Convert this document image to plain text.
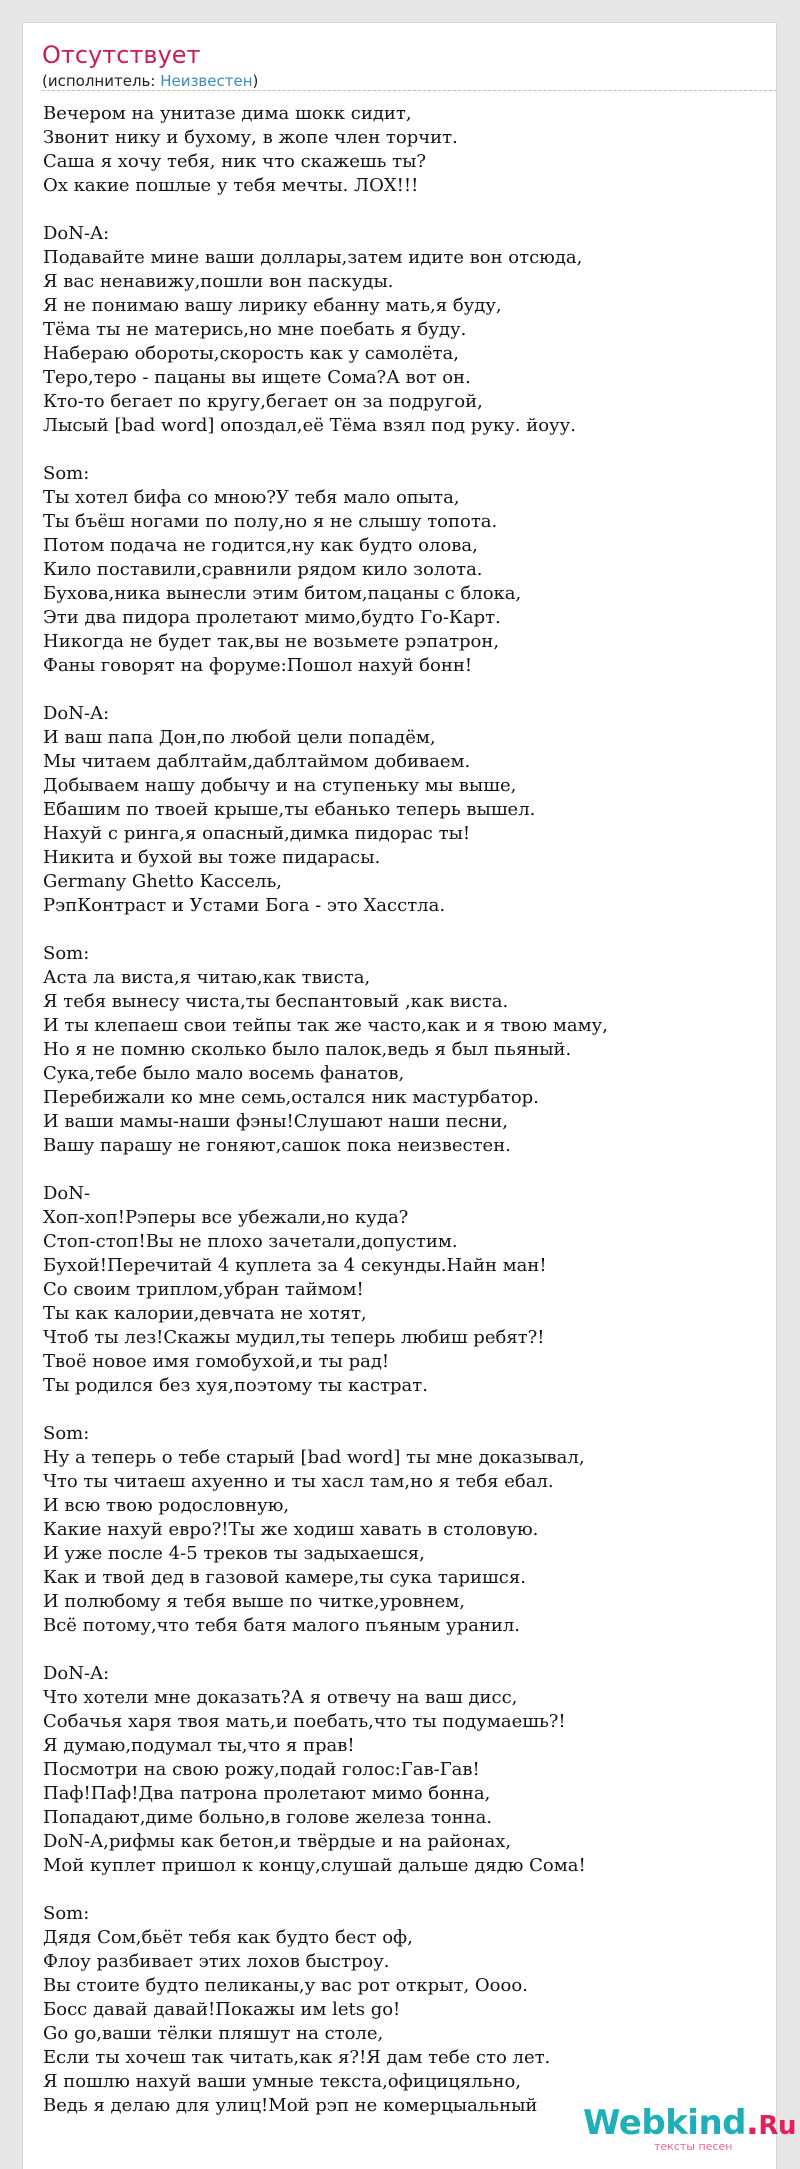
Отсутствует
(исполнитель: Неизвестен)
Вечером на унитазе дима шокк сидит,
Звонит нику и бухому, в жопе член торчит.
Саша я хочу тебя, ник что скажешь ты?
Ох какие пошлые у тебя мечты. ЛОХ!!!
DoN-A:
Подавайте мине ваши доллары,затем идите вон отсюда,
Я вас ненавижу,пошли вон паскуды.
Я не понимаю вашу лирику ебанну мать,я буду,
Тёма ты не матерись,но мне поебать я буду.
Набераю обороты,скорость как у самолёта,
Теро,теро - пацаны вы ищете Сома?А вот он.
Кто-то бегает по кругу,бегает он за подругой,
Лысый [bad word] опоздал,её Тёма взял под руку. йоуу.
Som:
Ты хотел бифа со мною?У тебя мало опыта,
Ты бъёш ногами по полу,но я не слышу топота.
Потом подача не годится,ну как будто олова,
Кило поставили,сравнили рядом кило золота.
Бухова,ника вынесли этим битом,пацаны с блока,
Эти два пидора пролетают мимо,будто Го-Карт.
Никогда не будет так,вы не возьмете рэпатрон,
Фаны говорят на форуме:Пошол нахуй бонн!
DoN-A:
И ваш папа Дон,по любой цели попадём,
Мы читаем даблтайм,даблтаймом добиваем.
Добываем нашу добычу и на ступеньку мы выше,
Ебашим по твоей крыше,ты ебанько теперь вышел.
Нахуй с ринга,я опасный,димка пидорас ты!
Никита и бухой вы тоже пидарасы.
Germany Ghetto Кассель,
РэпКонтраст и Устами Бога - это Хасстла.
Som:
Аста ла виста,я читаю,как твиста,
Я тебя вынесу чиста,ты беспантовый ,как виста.
И ты клепаеш свои тейпы так же часто,как и я твою маму,
Но я не помню сколько было палок,ведь я был пьяный.
Сука,тебе было мало восемь фанатов,
Перебижали ко мне семь,остался ник мастурбатор.
И ваши мамы-наши фэны!Слушают наши песни,
Вашу парашу не гоняют,сашок пока неизвестен.
DoN-
Хоп-хоп!Рэперы все убежали,но куда?
Стоп-стоп!Вы не плохо зачетали,допустим.
Бухой!Перечитай 4 куплета за 4 секунды.Найн ман!
Со своим триплом,убран таймом!
Ты как калории,девчата не хотят,
Чтоб ты лез!Скажы мудил,ты теперь любиш ребят?!
Твоё новое имя гомобухой,и ты рад!
Ты родился без хуя,поэтому ты кастрат.
Som:
Ну а теперь о тебе старый [bad word] ты мне доказывал,
Что ты читаеш ахуенно и ты хасл там,но я тебя ебал.
И всю твою родословную,
Какие нахуй евро?!Ты же ходиш хавать в столовую.
И уже после 4-5 треков ты задыхаешся,
Как и твой дед в газовой камере,ты сука таришся.
И полюбому я тебя выше по читке,уровнем,
Всё потому,что тебя батя малого пъяным уранил.
DoN-A:
Что хотели мне доказать?А я отвечу на ваш дисс,
Собачья харя твоя мать,и поебать,что ты подумаешь?!
Я думаю,подумал ты,что я прав!
Посмотри на свою рожу,подай голос:Гав-Гав!
Паф!Паф!Два патрона пролетают мимо бонна,
Попадают,диме больно,в голове железа тонна.
DoN-A,рифмы как бетон,и твёрдые и на районах,
Мой куплет пришол к концу,слушай дальше дядю Сома!
Som:
Дядя Сом,бьёт тебя как будто бест оф,
Флоу разбивает этих лохов быстроу.
Вы стоите будто пеликаны,у вас рот открыт, Оооо.
Босс давай давай!Покажы им lets go!
Go go,ваши тёлки пляшут на столе,
Если ты хочеш так читать,как я?!Я дам тебе сто лет.
Я пошлю нахуй ваши умные текста,официцяльно,
Ведь я делаю для улиц!Мой рэп не комерцыальный	Webkind.Ru
тексты песен
